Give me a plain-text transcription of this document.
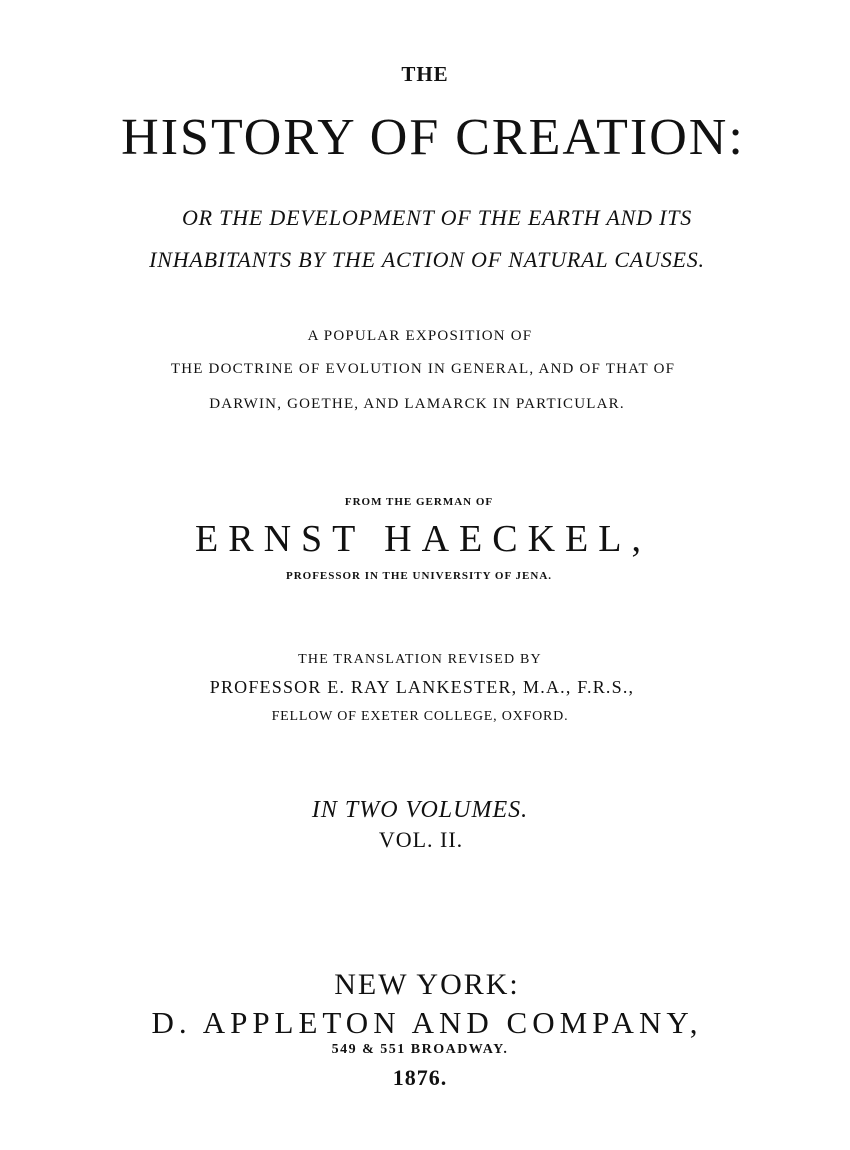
THE
HISTORY OF CREATION:
OR THE DEVELOPMENT OF THE EARTH AND ITS
INHABITANTS BY THE ACTION OF NATURAL CAUSES.
A POPULAR EXPOSITION OF
THE DOCTRINE OF EVOLUTION IN GENERAL, AND OF THAT OF
DARWIN, GOETHE, AND LAMARCK IN PARTICULAR.
FROM THE GERMAN OF
ERNST HAECKEL,
PROFESSOR IN THE UNIVERSITY OF JENA.
THE TRANSLATION REVISED BY
PROFESSOR E. RAY LANKESTER, M.A., F.R.S.,
FELLOW OF EXETER COLLEGE, OXFORD.
IN TWO VOLUMES.
VOL. II.
NEW YORK:
D. APPLETON AND COMPANY,
549 & 551 BROADWAY.
1876.
